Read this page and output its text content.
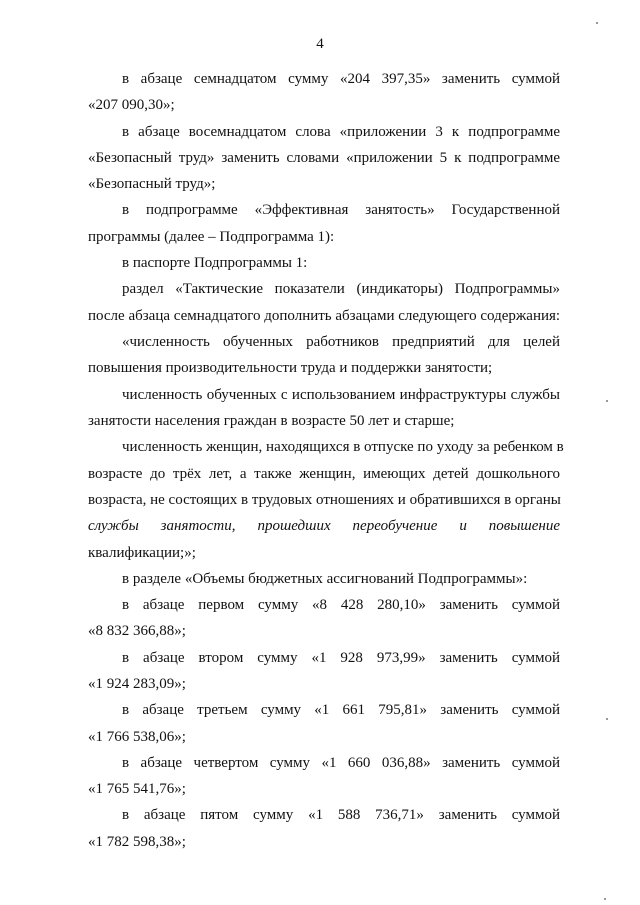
4
в абзаце семнадцатом сумму «204 397,35» заменить суммой
«207 090,30»;
в абзаце восемнадцатом слова «приложении 3 к подпрограмме
«Безопасный труд» заменить словами «приложении 5 к подпрограмме
«Безопасный труд»;
в подпрограмме «Эффективная занятость» Государственной
программы (далее – Подпрограмма 1):
в паспорте Подпрограммы 1:
раздел «Тактические показатели (индикаторы) Подпрограммы»
после абзаца семнадцатого дополнить абзацами следующего содержания:
«численность обученных работников предприятий для целей
повышения производительности труда и поддержки занятости;
численность обученных с использованием инфраструктуры службы
занятости населения граждан в возрасте 50 лет и старше;
численность женщин, находящихся в отпуске по уходу за ребенком в
возрасте до трёх лет, а также женщин, имеющих детей дошкольного
возраста, не состоящих в трудовых отношениях и обратившихся в органы
службы занятости, прошедших переобучение и повышение
квалификации;»;
в разделе «Объемы бюджетных ассигнований Подпрограммы»:
в абзаце первом сумму «8 428 280,10» заменить суммой
«8 832 366,88»;
в абзаце втором сумму «1 928 973,99» заменить суммой
«1 924 283,09»;
в абзаце третьем сумму «1 661 795,81» заменить суммой
«1 766 538,06»;
в абзаце четвертом сумму «1 660 036,88» заменить суммой
«1 765 541,76»;
в абзаце пятом сумму «1 588 736,71» заменить суммой
«1 782 598,38»;
